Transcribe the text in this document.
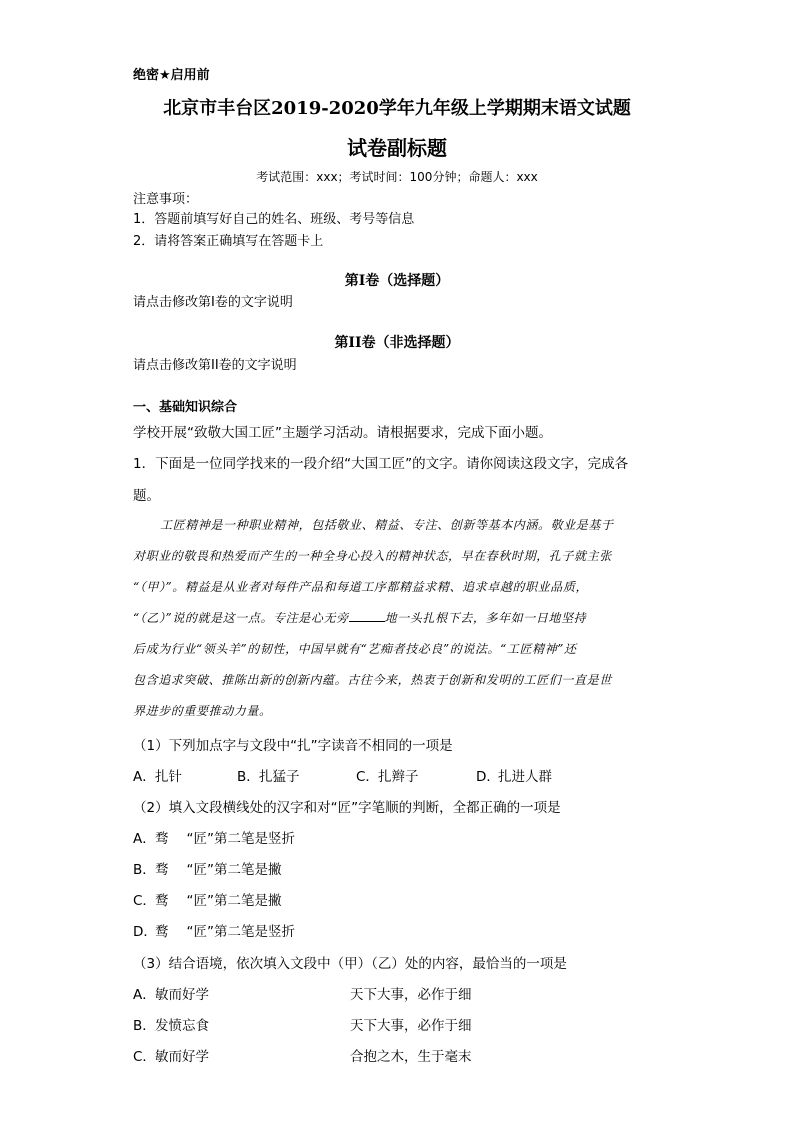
绝密★启用前
北京市丰台区2019-2020学年九年级上学期期末语文试题
试卷副标题
考试范围：xxx；考试时间：100分钟；命题人：xxx
注意事项：
1．答题前填写好自己的姓名、班级、考号等信息
2．请将答案正确填写在答题卡上
第I卷（选择题）
请点击修改第I卷的文字说明
第II卷（非选择题）
请点击修改第II卷的文字说明
一、基础知识综合
学校开展“致敬大国工匠”主题学习活动。请根据要求，完成下面小题。
1．下面是一位同学找来的一段介绍“大国工匠”的文字。请你阅读这段文字，完成各
题。
工匠精神是一种职业精神，包括敬业、精益、专注、创新等基本内涵。敬业是基于
对职业的敬畏和热爱而产生的一种全身心投入的精神状态，早在春秋时期，孔子就主张
“（甲）”。精益是从业者对每件产品和每道工序都精益求精、追求卓越的职业品质，
“（乙）”说的就是这一点。专注是心无旁	地一头扎根下去，多年如一日地坚持
后成为行业“领头羊”的韧性，中国早就有“艺痴者技必良”的说法。“工匠精神”还
包含追求突破、推陈出新的创新内蕴。古往今来，热衷于创新和发明的工匠们一直是世
界进步的重要推动力量。
（1）下列加点字与文段中“扎”字读音不相同的一项是
A．扎针	B．扎猛子	C．扎辫子	D．扎进人群
（2）填入文段横线处的汉字和对“匠”字笔顺的判断，全都正确的一项是
A．骛 “匠”第二笔是竖折
B．骛 “匠”第二笔是撇
C．鹜 “匠”第二笔是撇
D．鹜 “匠”第二笔是竖折
（3）结合语境，依次填入文段中（甲）（乙）处的内容，最恰当的一项是
A．敏而好学	天下大事，必作于细
B．发愤忘食	天下大事，必作于细
C．敏而好学	合抱之木，生于毫末
